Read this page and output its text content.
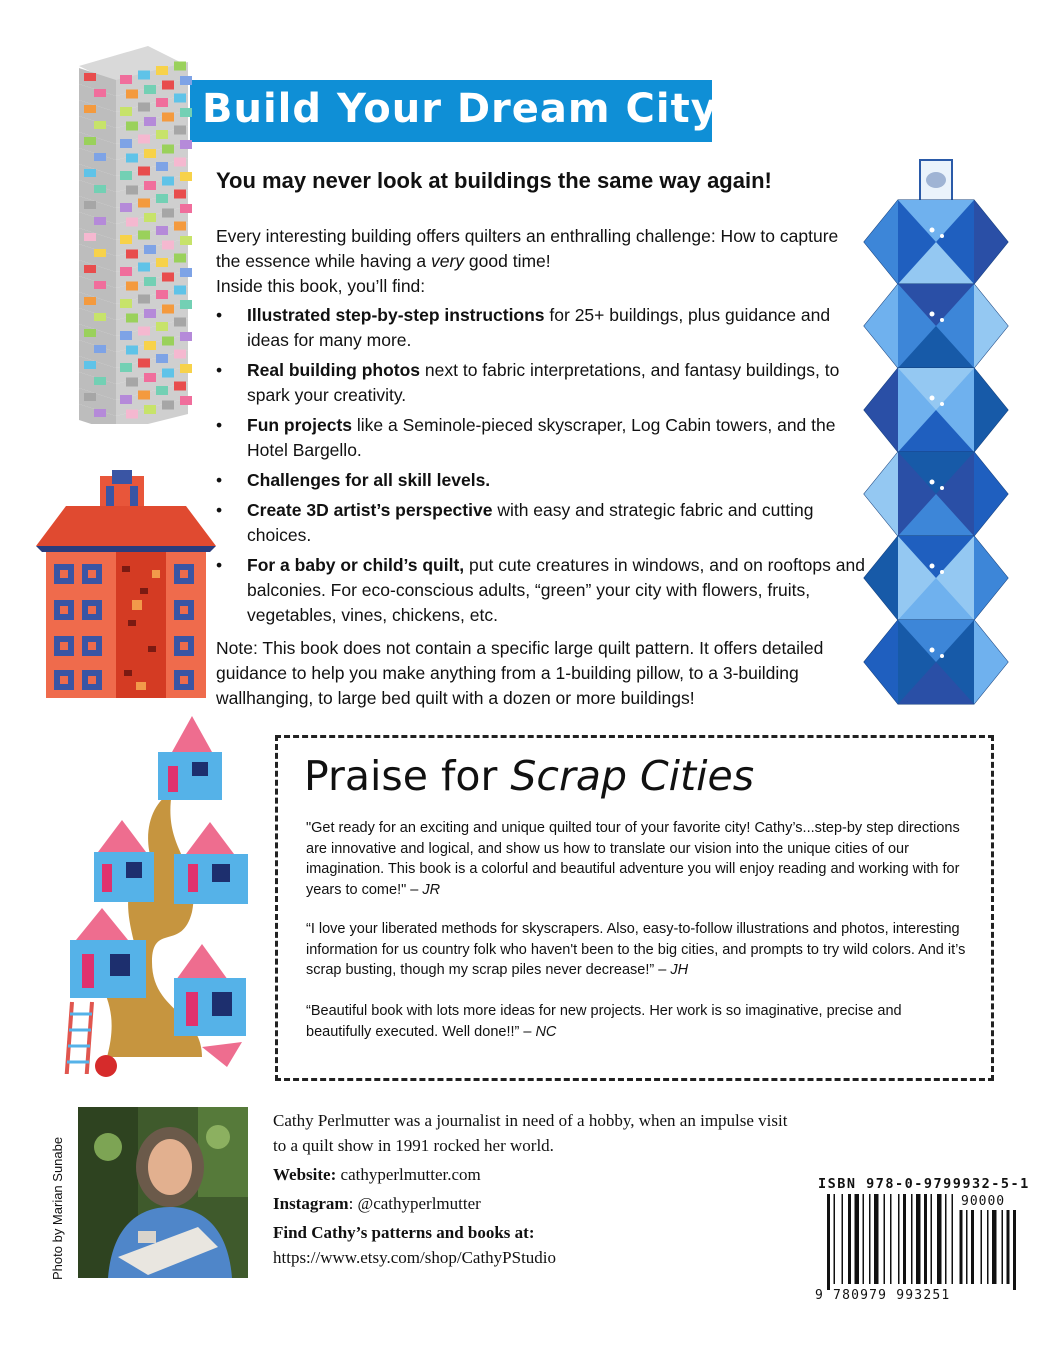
Build Your Dream City!
You may never look at buildings the same way again!
Every interesting building offers quilters an enthralling challenge: How to capture the essence while having a very good time!
Inside this book, you’ll find:
• Illustrated step-by-step instructions for 25+ buildings, plus guidance and ideas for many more.
• Real building photos next to fabric interpretations, and fantasy buildings, to spark your creativity.
• Fun projects like a Seminole-pieced skyscraper, Log Cabin towers, and the Hotel Bargello.
• Challenges for all skill levels.
• Create 3D artist’s perspective with easy and strategic fabric and cutting choices.
• For a baby or child’s quilt, put cute creatures in windows, and on rooftops and balconies. For eco-conscious adults, “green” your city with flowers, fruits, vegetables, vines, chickens, etc.
Note: This book does not contain a specific large quilt pattern. It offers detailed guidance to help you make anything from a 1-building pillow, to a 3-building wallhanging, to large bed quilt with a dozen or more buildings!
Praise for Scrap Cities
"Get ready for an exciting and unique quilted tour of your favorite city! Cathy’s...step-by step directions are innovative and logical, and show us how to translate our vision into the unique cities of our imagination. This book is a colorful and beautiful adventure you will enjoy reading and working with for years to come!" – JR
“I love your liberated methods for skyscrapers. Also, easy-to-follow illustrations and photos, interesting information for us country folk who haven't been to the big cities, and prompts to try wild colors. And it’s scrap busting, though my scrap piles never decrease!” – JH
“Beautiful book with lots more ideas for new projects. Her work is so imaginative, precise and beautifully executed. Well done!!” – NC
Photo by Marian Sunabe
Cathy Perlmutter was a journalist in need of a hobby, when an impulse visit to a quilt show in 1991 rocked her world.
Website: cathyperlmutter.com
Instagram: @cathyperlmutter
Find Cathy’s patterns and books at:
https://www.etsy.com/shop/CathyPStudio
ISBN 978-0-9799932-5-1
9 780979 993251
90000
